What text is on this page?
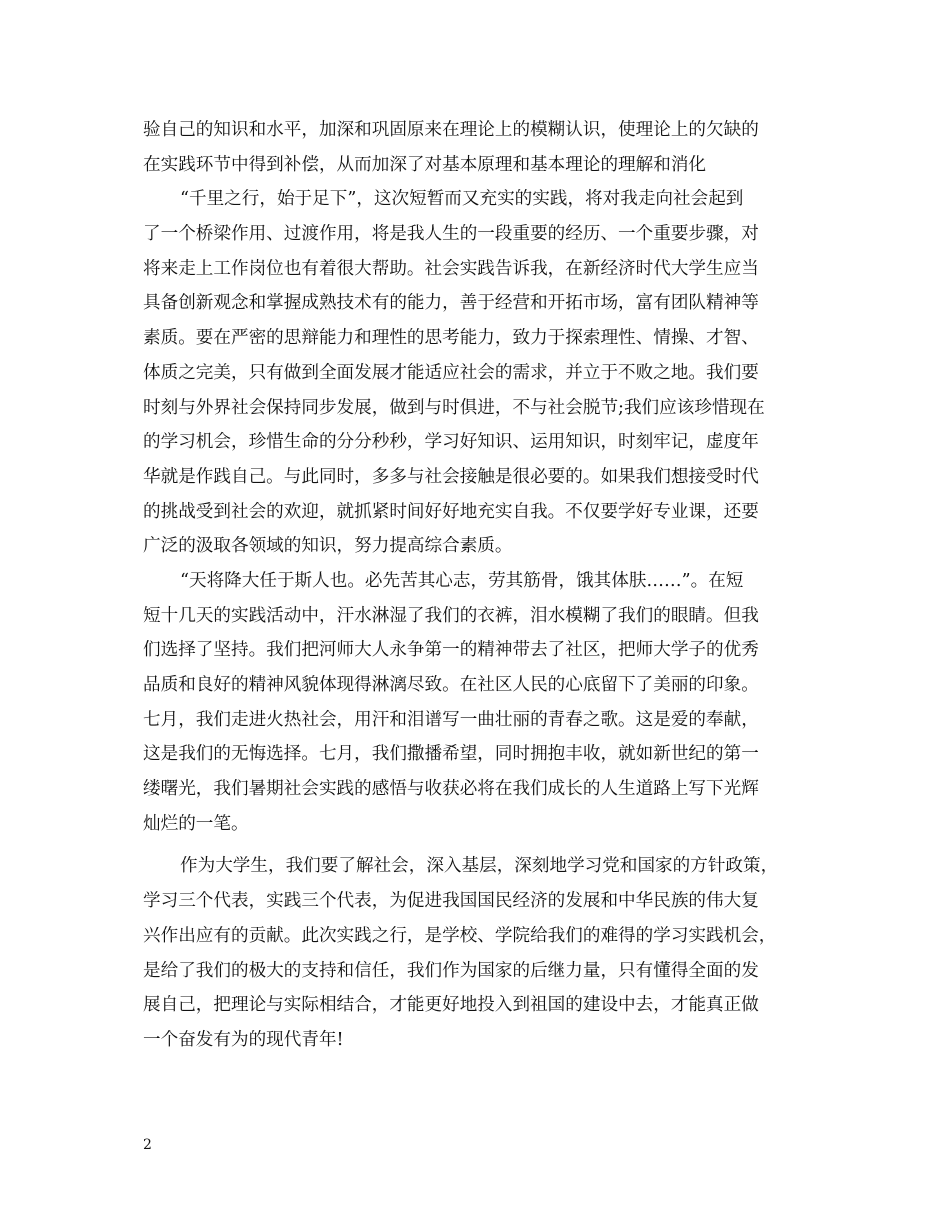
验自己的知识和水平，加深和巩固原来在理论上的模糊认识，使理论上的欠缺的
在实践环节中得到补偿，从而加深了对基本原理和基本理论的理解和消化
“千里之行，始于足下”，这次短暂而又充实的实践，将对我走向社会起到
了一个桥梁作用、过渡作用，将是我人生的一段重要的经历、一个重要步骤，对
将来走上工作岗位也有着很大帮助。社会实践告诉我，在新经济时代大学生应当
具备创新观念和掌握成熟技术有的能力，善于经营和开拓市场，富有团队精神等
素质。要在严密的思辩能力和理性的思考能力，致力于探索理性、情操、才智、
体质之完美，只有做到全面发展才能适应社会的需求，并立于不败之地。我们要
时刻与外界社会保持同步发展，做到与时俱进，不与社会脱节;我们应该珍惜现在
的学习机会，珍惜生命的分分秒秒，学习好知识、运用知识，时刻牢记，虚度年
华就是作践自己。与此同时，多多与社会接触是很必要的。如果我们想接受时代
的挑战受到社会的欢迎，就抓紧时间好好地充实自我。不仅要学好专业课，还要
广泛的汲取各领域的知识，努力提高综合素质。
“天将降大任于斯人也。必先苦其心志，劳其筋骨，饿其体肤……”。在短
短十几天的实践活动中，汗水淋湿了我们的衣裤，泪水模糊了我们的眼睛。但我
们选择了坚持。我们把河师大人永争第一的精神带去了社区，把师大学子的优秀
品质和良好的精神风貌体现得淋漓尽致。在社区人民的心底留下了美丽的印象。
七月，我们走进火热社会，用汗和泪谱写一曲壮丽的青春之歌。这是爱的奉献，
这是我们的无悔选择。七月，我们撒播希望，同时拥抱丰收，就如新世纪的第一
缕曙光，我们暑期社会实践的感悟与收获必将在我们成长的人生道路上写下光辉
灿烂的一笔。
作为大学生，我们要了解社会，深入基层，深刻地学习党和国家的方针政策，
学习三个代表，实践三个代表，为促进我国国民经济的发展和中华民族的伟大复
兴作出应有的贡献。此次实践之行，是学校、学院给我们的难得的学习实践机会，
是给了我们的极大的支持和信任，我们作为国家的后继力量，只有懂得全面的发
展自己，把理论与实际相结合，才能更好地投入到祖国的建设中去，才能真正做
一个奋发有为的现代青年!
2
